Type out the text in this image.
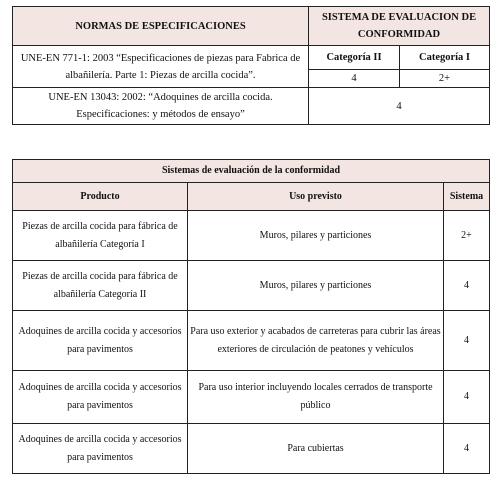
NORMAS DE ESPECIFICACIONES	SISTEMA DE EVALUACION DE CONFORMIDAD	
UNE-EN 771-1: 2003 “Especificaciones de piezas para Fabrica de albañilería. Parte 1: Piezas de arcilla cocida”.	Categoría II	Categoría I
	4	2+
UNE-EN 13043: 2002: “Adoquines de arcilla cocida. Especificaciones: y métodos de ensayo”	4	
Sistemas de evaluación de la conformidad		
Producto	Uso previsto	Sistema
Piezas de arcilla cocida para fábrica de albañilería Categoría I	Muros, pilares y particiones	2+
Piezas de arcilla cocida para fábrica de albañilería Categoría II	Muros, pilares y particiones	4
Adoquines de arcilla cocida y accesorios para pavimentos	Para uso exterior y acabados de carreteras para cubrir las áreas exteriores de circulación de peatones y vehículos	4
Adoquines de arcilla cocida y accesorios para pavimentos	Para uso interior incluyendo locales cerrados de transporte público	4
Adoquines de arcilla cocida y accesorios para pavimentos	Para cubiertas	4
